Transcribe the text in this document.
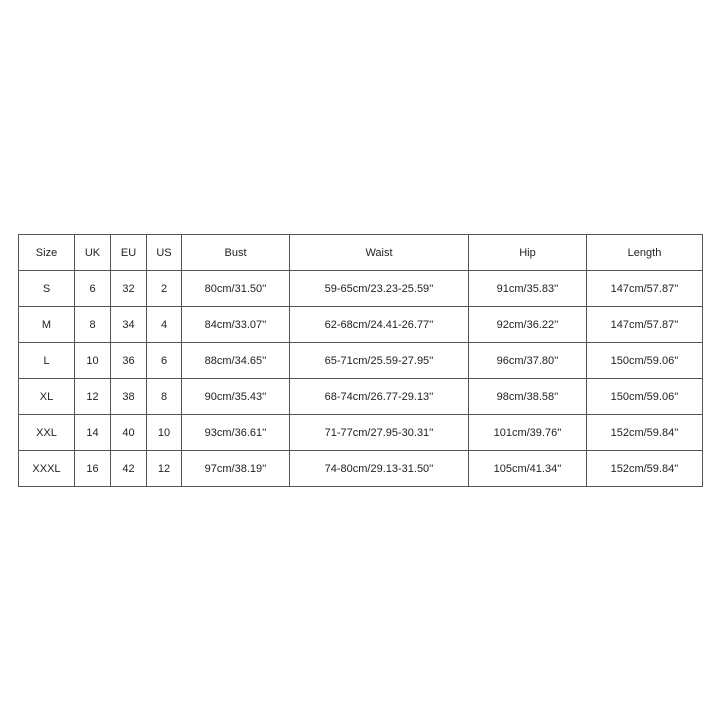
Size	UK	EU	US	Bust	Waist	Hip	Length
S	6	32	2	80cm/31.50''	59-65cm/23.23-25.59''	91cm/35.83''	147cm/57.87''
M	8	34	4	84cm/33.07''	62-68cm/24.41-26.77''	92cm/36.22''	147cm/57.87''
L	10	36	6	88cm/34.65''	65-71cm/25.59-27.95''	96cm/37.80''	150cm/59.06''
XL	12	38	8	90cm/35.43''	68-74cm/26.77-29.13''	98cm/38.58''	150cm/59.06''
XXL	14	40	10	93cm/36.61''	71-77cm/27.95-30.31''	101cm/39.76''	152cm/59.84''
XXXL	16	42	12	97cm/38.19''	74-80cm/29.13-31.50''	105cm/41.34''	152cm/59.84''
